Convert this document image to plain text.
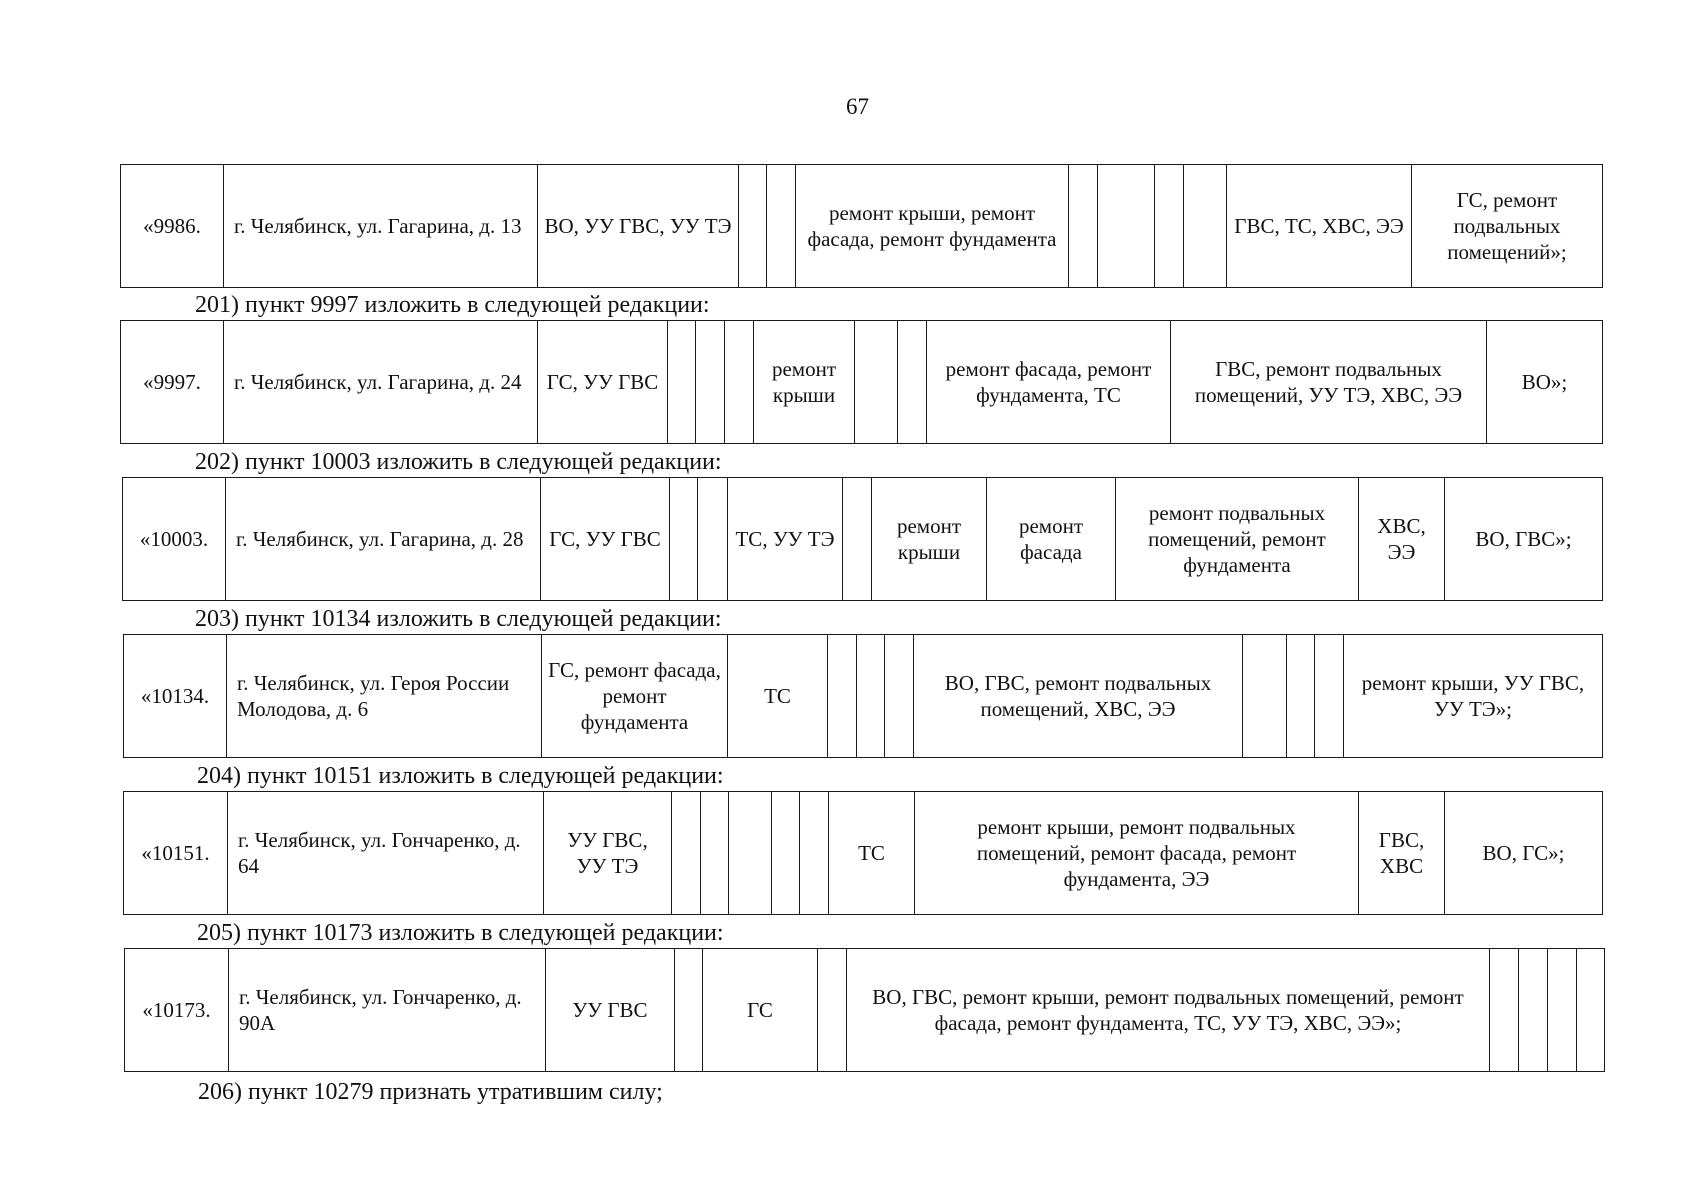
67
«9986.	г. Челябинск, ул. Гагарина, д. 13	ВО, УУ ГВС, УУ ТЭ			ремонт крыши, ремонт фасада, ремонт фундамента					ГВС, ТС, ХВС, ЭЭ	ГС, ремонт подвальных помещений»;
201) пункт 9997 изложить в следующей редакции:
«9997.	г. Челябинск, ул. Гагарина, д. 24	ГС, УУ ГВС				ремонт крыши			ремонт фасада, ремонт фундамента, ТС	ГВС, ремонт подвальных помещений, УУ ТЭ, ХВС, ЭЭ	ВО»;
202) пункт 10003 изложить в следующей редакции:
«10003.	г. Челябинск, ул. Гагарина, д. 28	ГС, УУ ГВС			ТС, УУ ТЭ		ремонт крыши	ремонт фасада	ремонт подвальных помещений, ремонт фундамента	ХВС, ЭЭ	ВО, ГВС»;
203) пункт 10134 изложить в следующей редакции:
«10134.	г. Челябинск, ул. Героя России Молодова, д. 6	ГС, ремонт фасада, ремонт фундамента	ТС				ВО, ГВС, ремонт подвальных помещений, ХВС, ЭЭ				ремонт крыши, УУ ГВС, УУ ТЭ»;
204) пункт 10151 изложить в следующей редакции:
«10151.	г. Челябинск, ул. Гончаренко, д. 64	УУ ГВС, УУ ТЭ						ТС	ремонт крыши, ремонт подвальных помещений, ремонт фасада, ремонт фундамента, ЭЭ	ГВС, ХВС	ВО, ГС»;
205) пункт 10173 изложить в следующей редакции:
«10173.	г. Челябинск, ул. Гончаренко, д. 90А	УУ ГВС		ГС		ВО, ГВС, ремонт крыши, ремонт подвальных помещений, ремонт фасада, ремонт фундамента, ТС, УУ ТЭ, ХВС, ЭЭ»;				
206) пункт 10279 признать утратившим силу;
